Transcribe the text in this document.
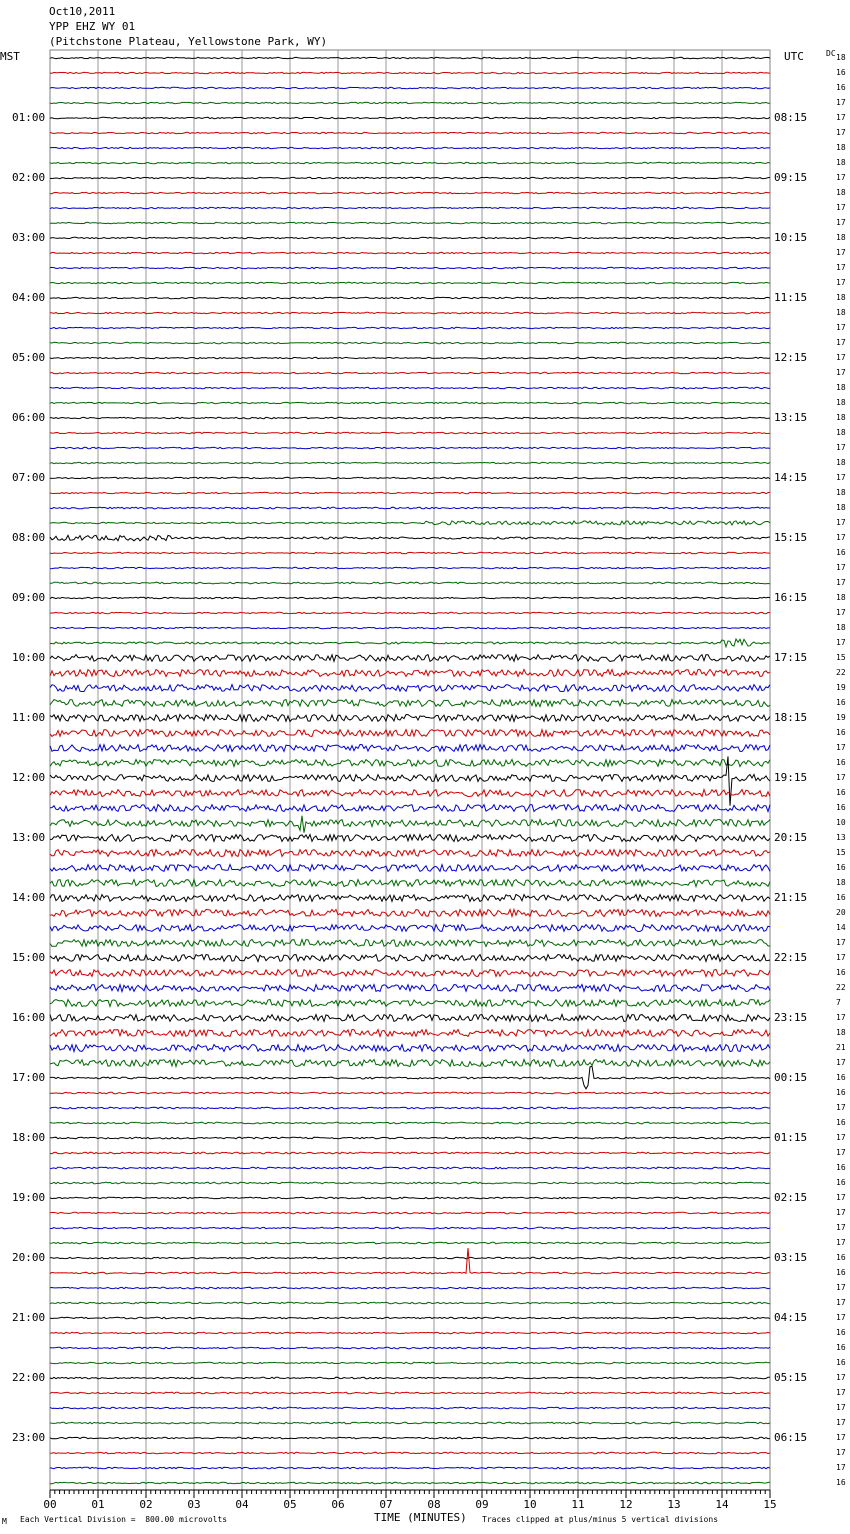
00	01	02	03	04	05	06	07	08	09	10	11	12	13	14	15
Oct10,2011
YPP EHZ WY 01
(Pitchstone Plateau, Yellowstone Park, WY)
MST	UTC	DC
01:00
02:00
03:00
04:00
05:00
06:00
07:00
08:00
09:00
10:00
11:00
12:00
13:00
14:00
15:00
16:00
17:00
18:00
19:00
20:00
21:00
22:00
23:00
08:15
09:15
10:15
11:15
12:15
13:15
14:15
15:15
16:15
17:15
18:15
19:15
20:15
21:15
22:15
23:15
00:15
01:15
02:15
03:15
04:15
05:15
06:15
18
16
16
17
17
17
18
18
17
18
17
17
18
17
17
17
18
18
17
17
17
17
18
18
18
18
17
18
17
18
18
17
17
16
17
17
18
17
18
17
15
22
19
16
19
16
17
16
17
16
16
10
13
15
16
18
16
20
14
17
17
16
22
7
17
18
21
17
16
16
17
16
17
17
16
16
17
17
17
17
16
16
17
17
17
16
16
16
17
17
17
17
17
17
17
16
M Each Vertical Division =  800.00 microvolts	TIME (MINUTES) Traces clipped at plus/minus 5 vertical divisions
